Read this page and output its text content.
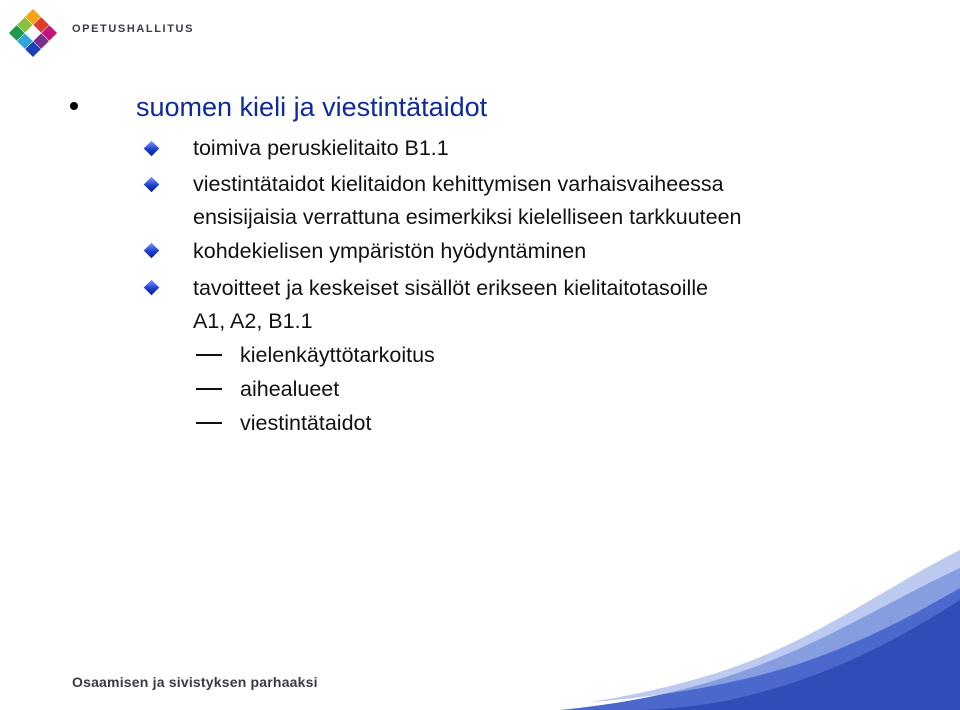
OPETUSHALLITUS
suomen kieli ja viestintätaidot
toimiva peruskielitaito B1.1
viestintätaidot kielitaidon kehittymisen varhaisvaiheessa
ensisijaisia verrattuna esimerkiksi kielelliseen tarkkuuteen
kohdekielisen ympäristön hyödyntäminen
tavoitteet ja keskeiset sisällöt erikseen kielitaitotasoille
A1, A2, B1.1
kielenkäyttötarkoitus
aihealueet
viestintätaidot
Osaamisen ja sivistyksen parhaaksi
